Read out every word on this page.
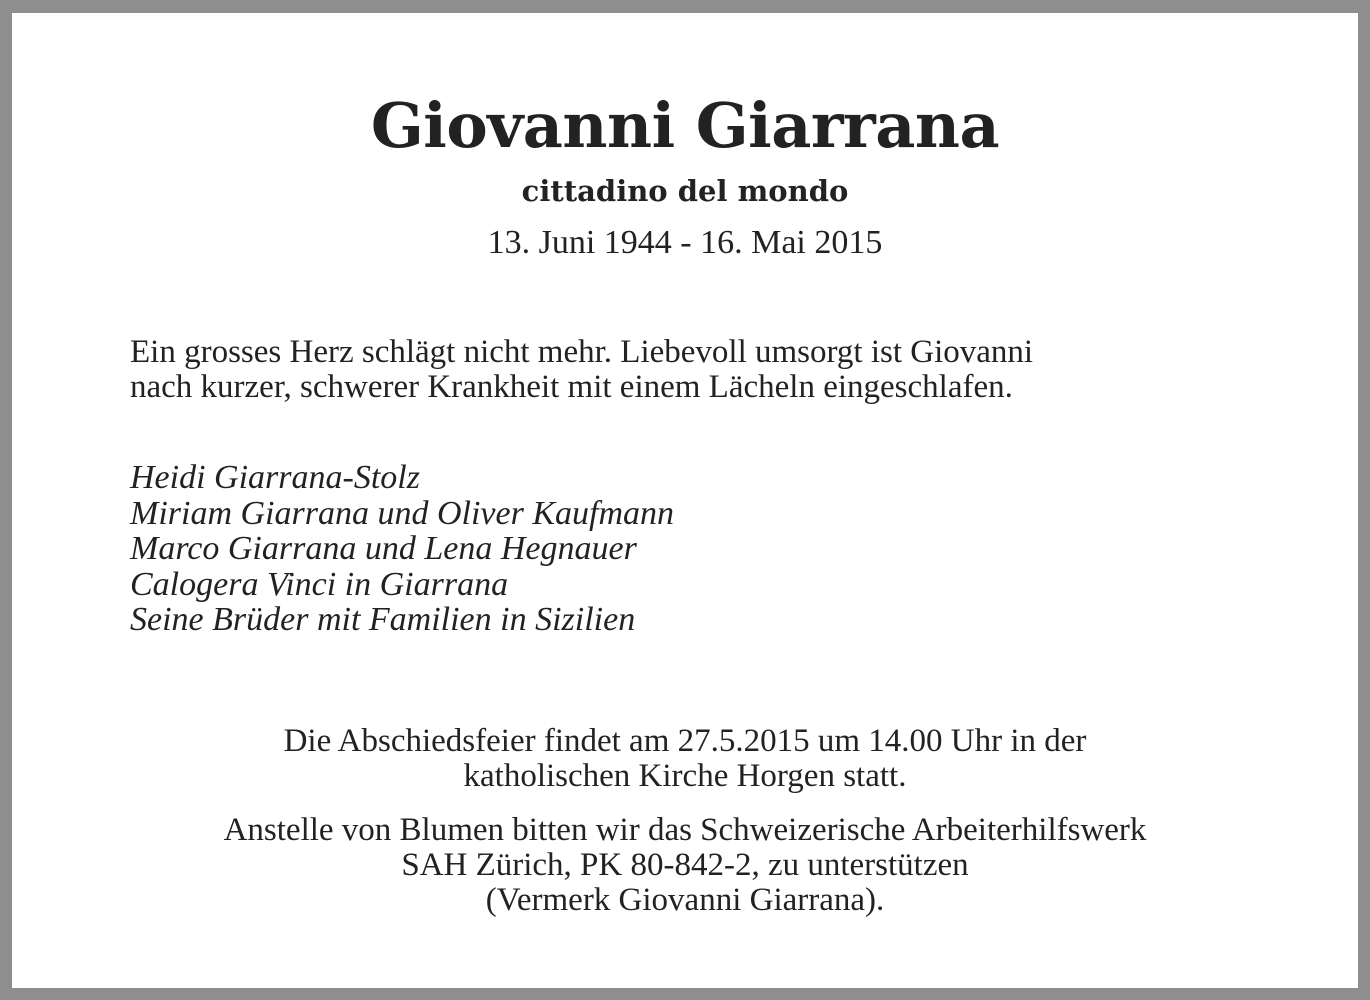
Giovanni Giarrana
cittadino del mondo
13. Juni 1944 - 16. Mai 2015
Ein grosses Herz schlägt nicht mehr. Liebevoll umsorgt ist Giovanni
nach kurzer, schwerer Krankheit mit einem Lächeln eingeschlafen.
Heidi Giarrana-Stolz
Miriam Giarrana und Oliver Kaufmann
Marco Giarrana und Lena Hegnauer
Calogera Vinci in Giarrana
Seine Brüder mit Familien in Sizilien
Die Abschiedsfeier findet am 27.5.2015 um 14.00 Uhr in der
katholischen Kirche Horgen statt.
Anstelle von Blumen bitten wir das Schweizerische Arbeiterhilfswerk
SAH Zürich, PK 80-842-2, zu unterstützen
(Vermerk Giovanni Giarrana).
